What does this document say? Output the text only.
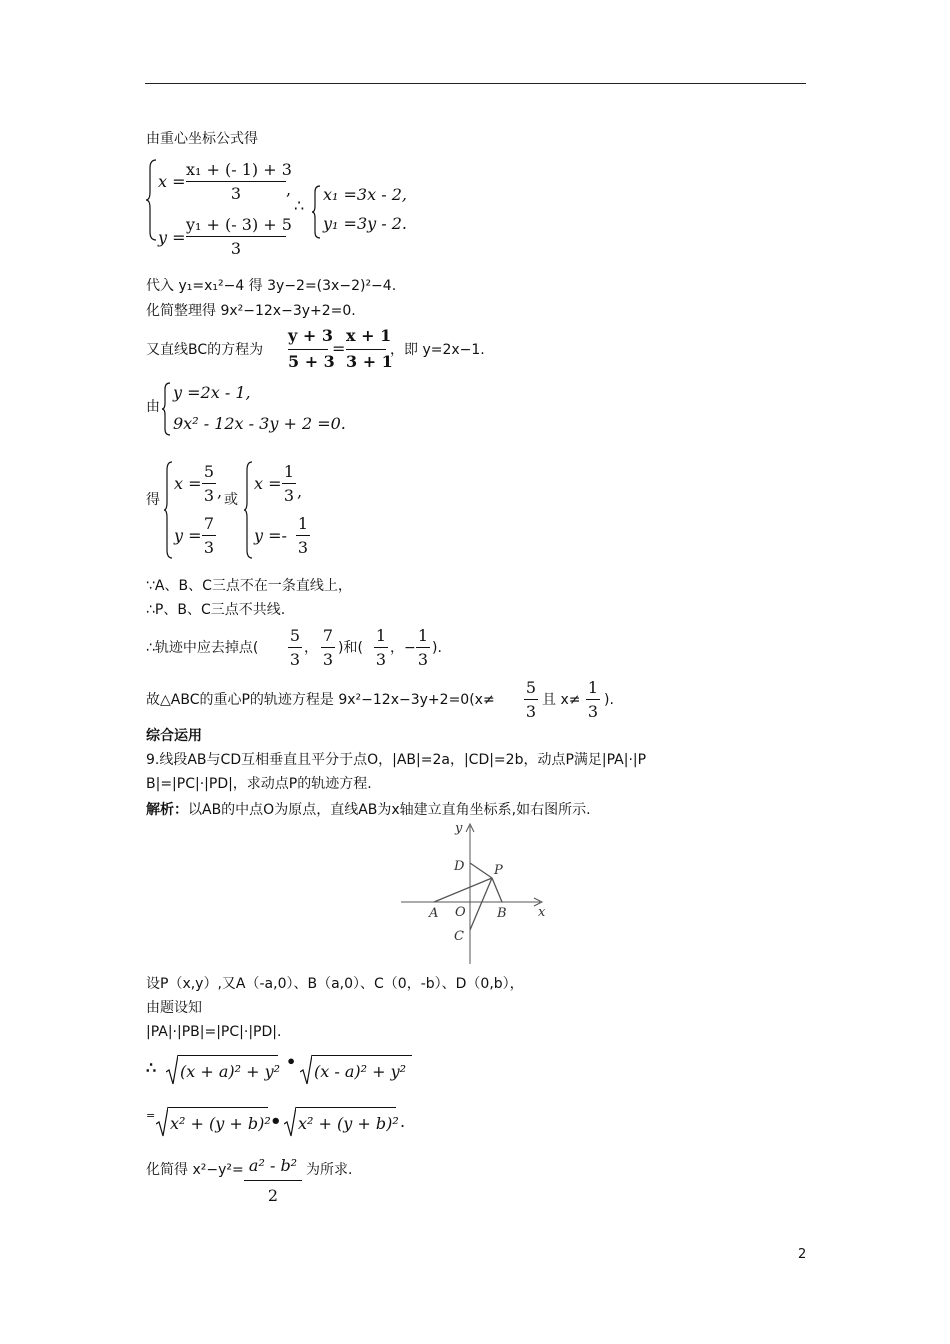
由重心坐标公式得
x =
x₁ + (- 1) + 3
3	,
y =
y₁ + (- 3) + 5
3
∴
x₁ =3x - 2,
y₁ =3y - 2.
代入 y₁=x₁²−4 得 3y−2=(3x−2)²−4.
化简整理得 9x²−12x−3y+2=0.
又直线BC的方程为
y + 3
5 + 3
=
x + 1
3 + 1
，即 y=2x−1.
由
y =2x - 1,
9x² - 12x - 3y + 2 =0.
得
x =
5
3 , 或
y =
7
3
x =
1
3 ,
y =-
1
3
∵A、B、C三点不在一条直线上，
∴P、B、C三点不共线.
∴轨迹中应去掉点(
5
3
，
7
3
)和(
1
3
， −
1
3
).
故△ABC的重心P的轨迹方程是 9x²−12x−3y+2=0(x≠
5
3
且 x≠
1
3
).
综合运用
9.线段AB与CD互相垂直且平分于点O，|AB|=2a，|CD|=2b，动点P满足|PA|·|P
B|=|PC|·|PD|，求动点P的轨迹方程.
解析：以AB的中点O为原点，直线AB为x轴建立直角坐标系,如右图所示.
x
y
A O B
C
D P
设P（x,y）,又A（-a,0）、B（a,0）、C（0，-b）、D（0,b），
由题设知
|PA|·|PB|=|PC|·|PD|.
∴ (x + a)² + y²
•
(x - a)² + y²
= x² + (y + b)² • x² + (y + b)² .
化简得 x²−y²= a² - b²
2
为所求.
2
